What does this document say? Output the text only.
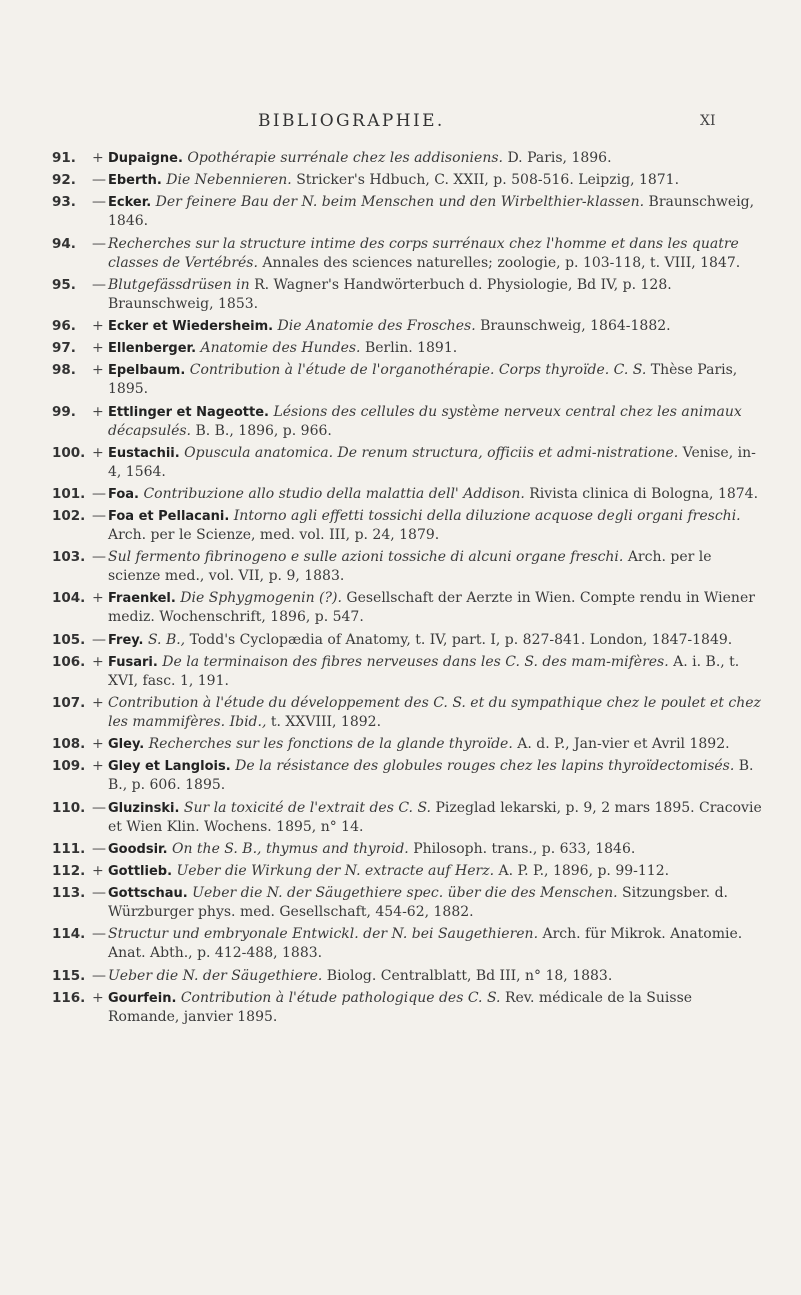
BIBLIOGRAPHIE.	XI
91.	+ Dupaigne. Opothérapie surrénale chez les addisoniens. D. Paris, 1896.
92.	— Eberth. Die Nebennieren. Stricker's Hdbuch, C. XXII, p. 508-516. Leipzig, 1871.
93.	— Ecker. Der feinere Bau der N. beim Menschen und den Wirbelthier-klassen. Braunschweig, 1846.
94.	— Recherches sur la structure intime des corps surrénaux chez l'homme et dans les quatre classes de Vertébrés. Annales des sciences naturelles; zoologie, p. 103-118, t. VIII, 1847.
95.	— Blutgefässdrüsen in R. Wagner's Handwörterbuch d. Physiologie, Bd IV, p. 128. Braunschweig, 1853.
96.	+ Ecker et Wiedersheim. Die Anatomie des Frosches. Braunschweig, 1864-1882.
97.	+ Ellenberger. Anatomie des Hundes. Berlin. 1891.
98.	+ Epelbaum. Contribution à l'étude de l'organothérapie. Corps thyroïde. C. S. Thèse Paris, 1895.
99.	+ Ettlinger et Nageotte. Lésions des cellules du système nerveux central chez les animaux décapsulés. B. B., 1896, p. 966.
100. + Eustachii. Opuscula anatomica. De renum structura, officiis et admi-nistratione. Venise, in-4, 1564.
101. — Foa. Contribuzione allo studio della malattia dell' Addison. Rivista clinica di Bologna, 1874.
102. — Foa et Pellacani. Intorno agli effetti tossichi della diluzione acquose degli organi freschi. Arch. per le Scienze, med. vol. III, p. 24, 1879.
103. — Sul fermento fibrinogeno e sulle azioni tossiche di alcuni organe freschi. Arch. per le scienze med., vol. VII, p. 9, 1883.
104. + Fraenkel. Die Sphygmogenin (?). Gesellschaft der Aerzte in Wien. Compte rendu in Wiener mediz. Wochenschrift, 1896, p. 547.
105. — Frey. S. B., Todd's Cyclopædia of Anatomy, t. IV, part. I, p. 827-841. London, 1847-1849.
106. + Fusari. De la terminaison des fibres nerveuses dans les C. S. des mam-mifères. A. i. B., t. XVI, fasc. 1, 191.
107. + Contribution à l'étude du développement des C. S. et du sympathique chez le poulet et chez les mammifères. Ibid., t. XXVIII, 1892.
108. + Gley. Recherches sur les fonctions de la glande thyroïde. A. d. P., Jan-vier et Avril 1892.
109. + Gley et Langlois. De la résistance des globules rouges chez les lapins thyroïdectomisés. B. B., p. 606. 1895.
110. — Gluzinski. Sur la toxicité de l'extrait des C. S. Pizeglad lekarski, p. 9, 2 mars 1895. Cracovie et Wien Klin. Wochens. 1895, n° 14.
111. — Goodsir. On the S. B., thymus and thyroid. Philosoph. trans., p. 633, 1846.
112. + Gottlieb. Ueber die Wirkung der N. extracte auf Herz. A. P. P., 1896, p. 99-112.
113. — Gottschau. Ueber die N. der Säugethiere spec. über die des Menschen. Sitzungsber. d. Würzburger phys. med. Gesellschaft, 454-62, 1882.
114. — Structur und embryonale Entwickl. der N. bei Saugethieren. Arch. für Mikrok. Anatomie. Anat. Abth., p. 412-488, 1883.
115. — Ueber die N. der Säugethiere. Biolog. Centralblatt, Bd III, n° 18, 1883.
116. + Gourfein. Contribution à l'étude pathologique des C. S. Rev. médicale de la Suisse Romande, janvier 1895.
